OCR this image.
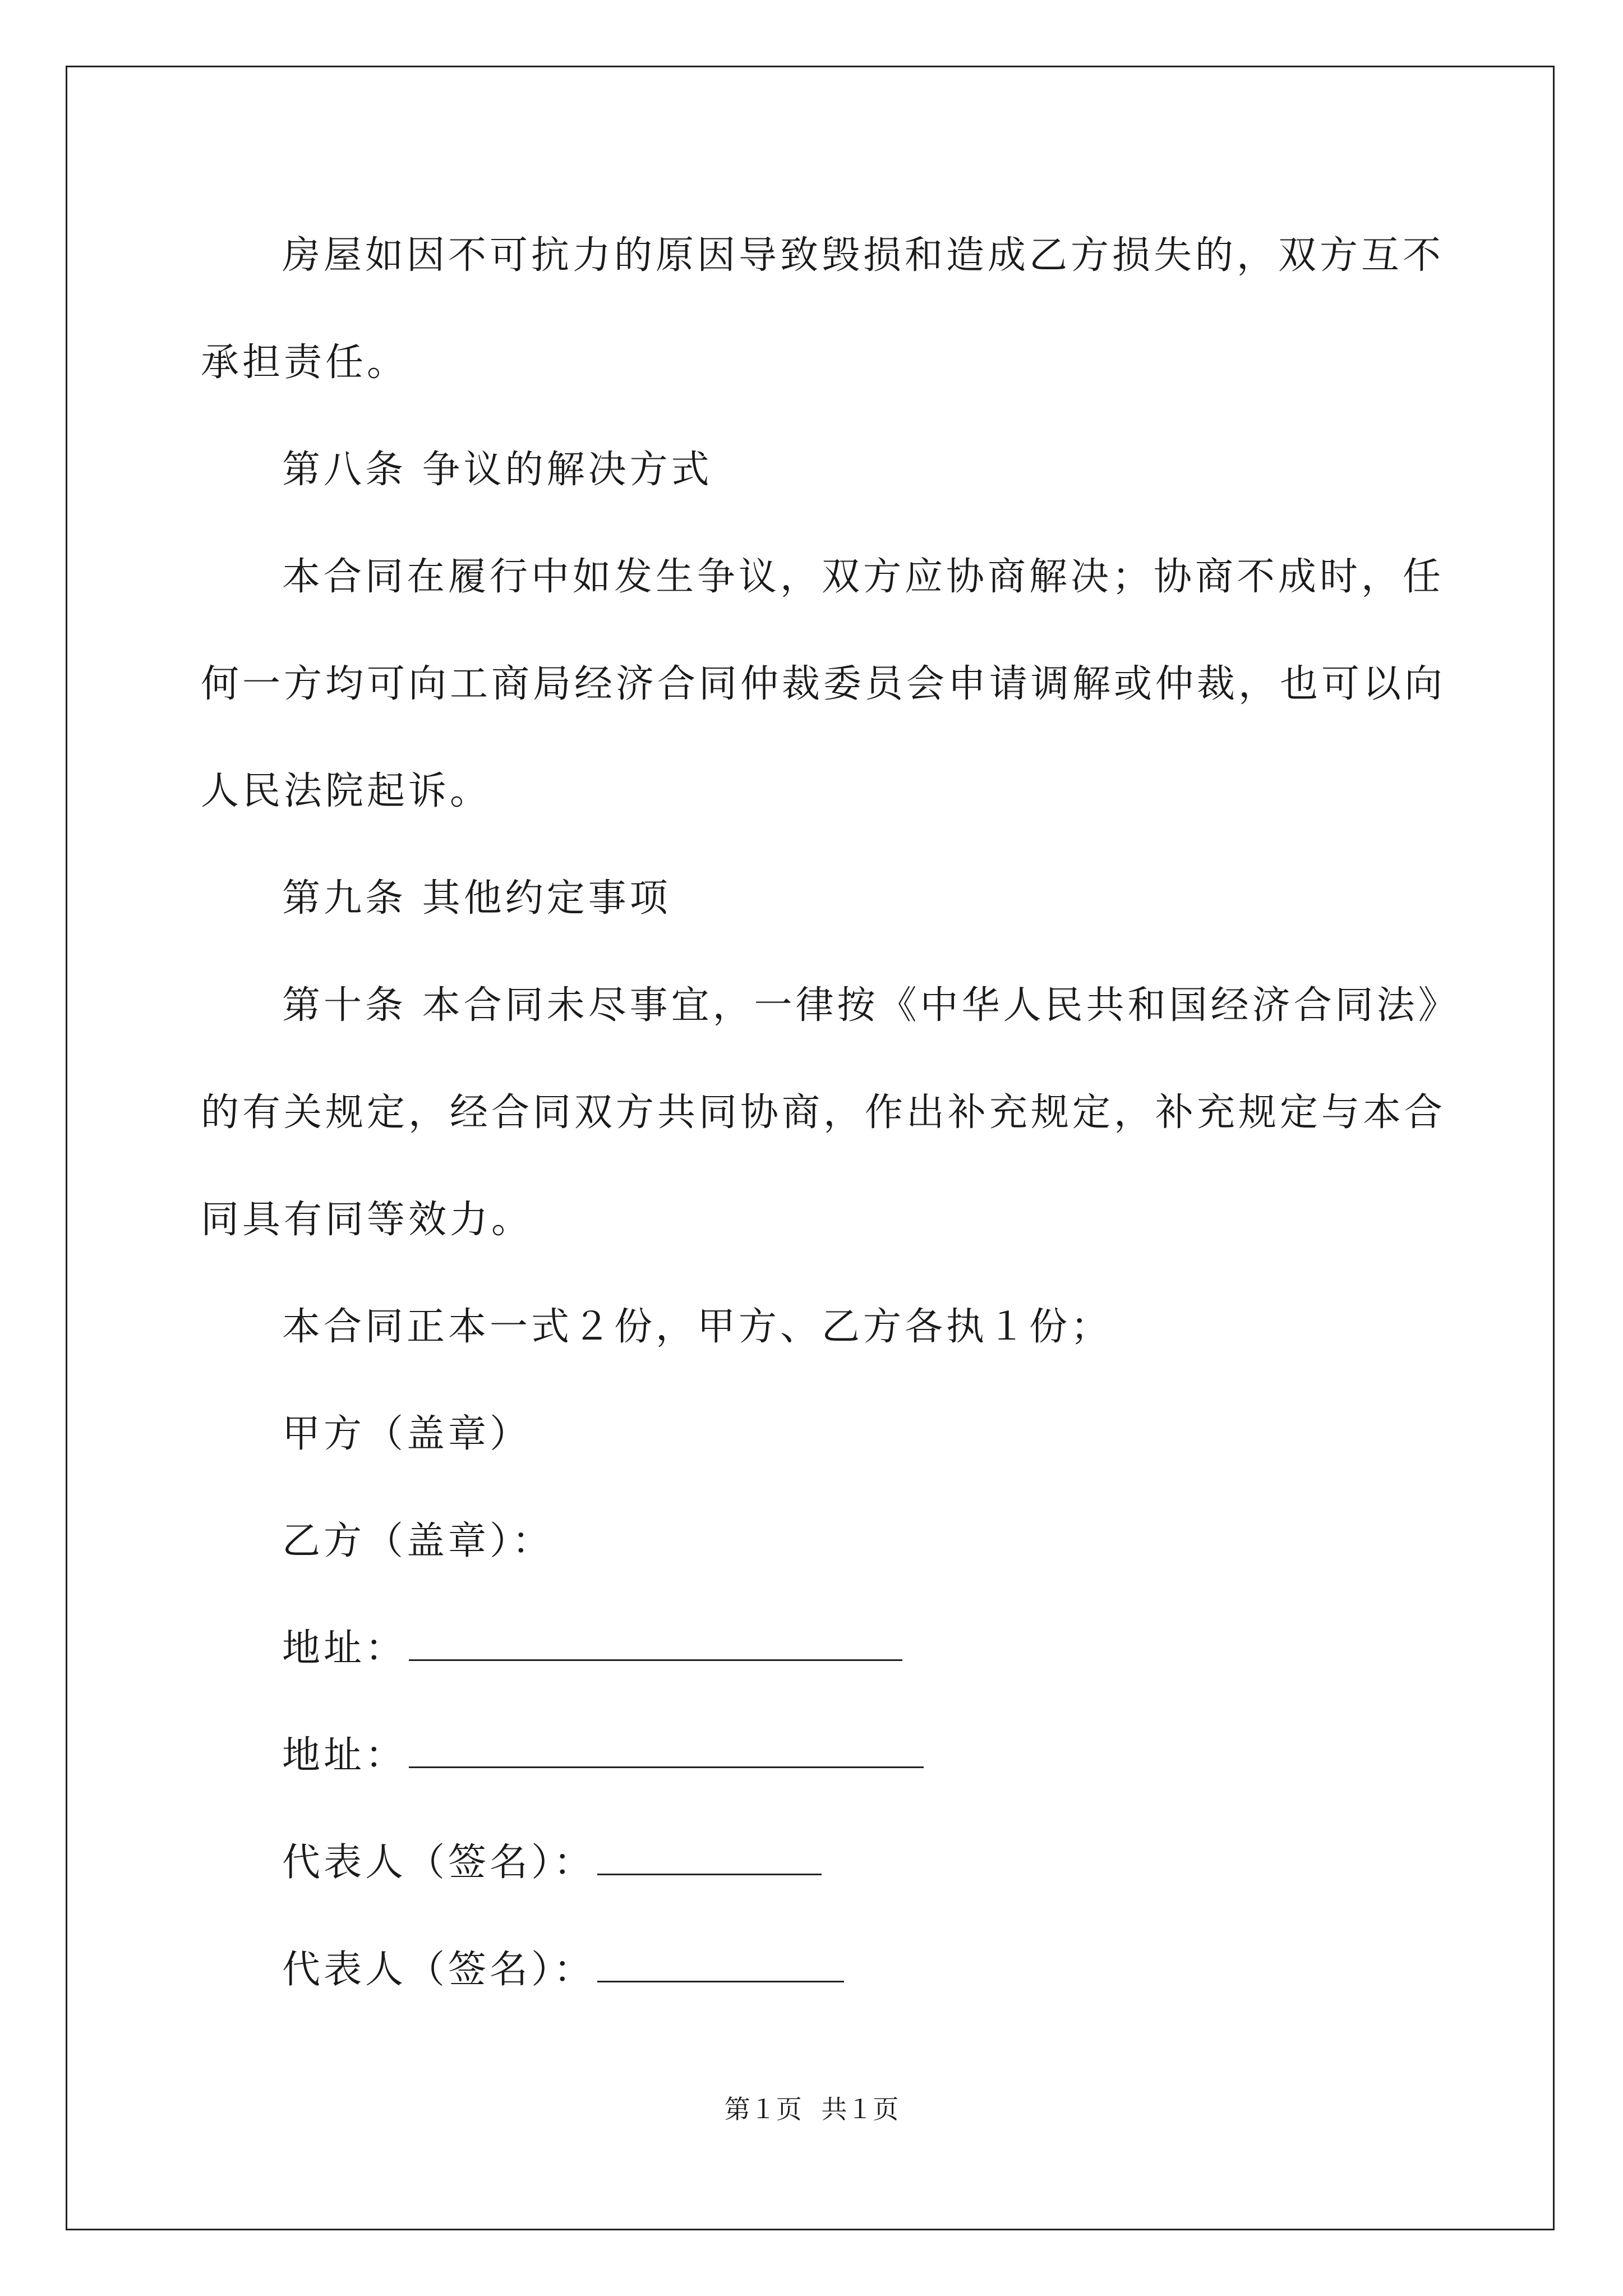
房屋如因不可抗力的原因导致毁损和造成乙方损失的，双方互不
承担责任。
第八条 争议的解决方式
本合同在履行中如发生争议，双方应协商解决；协商不成时，任
何一方均可向工商局经济合同仲裁委员会申请调解或仲裁，也可以向
人民法院起诉。
第九条 其他约定事项
第十条 本合同未尽事宜，一律按《中华人民共和国经济合同法》
的有关规定，经合同双方共同协商，作出补充规定，补充规定与本合
同具有同等效力。
本合同正本一式２份，甲方、乙方各执１份；
甲方（盖章）
乙方（盖章）：
地址：
地址：
代表人（签名）：
代表人（签名）：
第１页 共１页
